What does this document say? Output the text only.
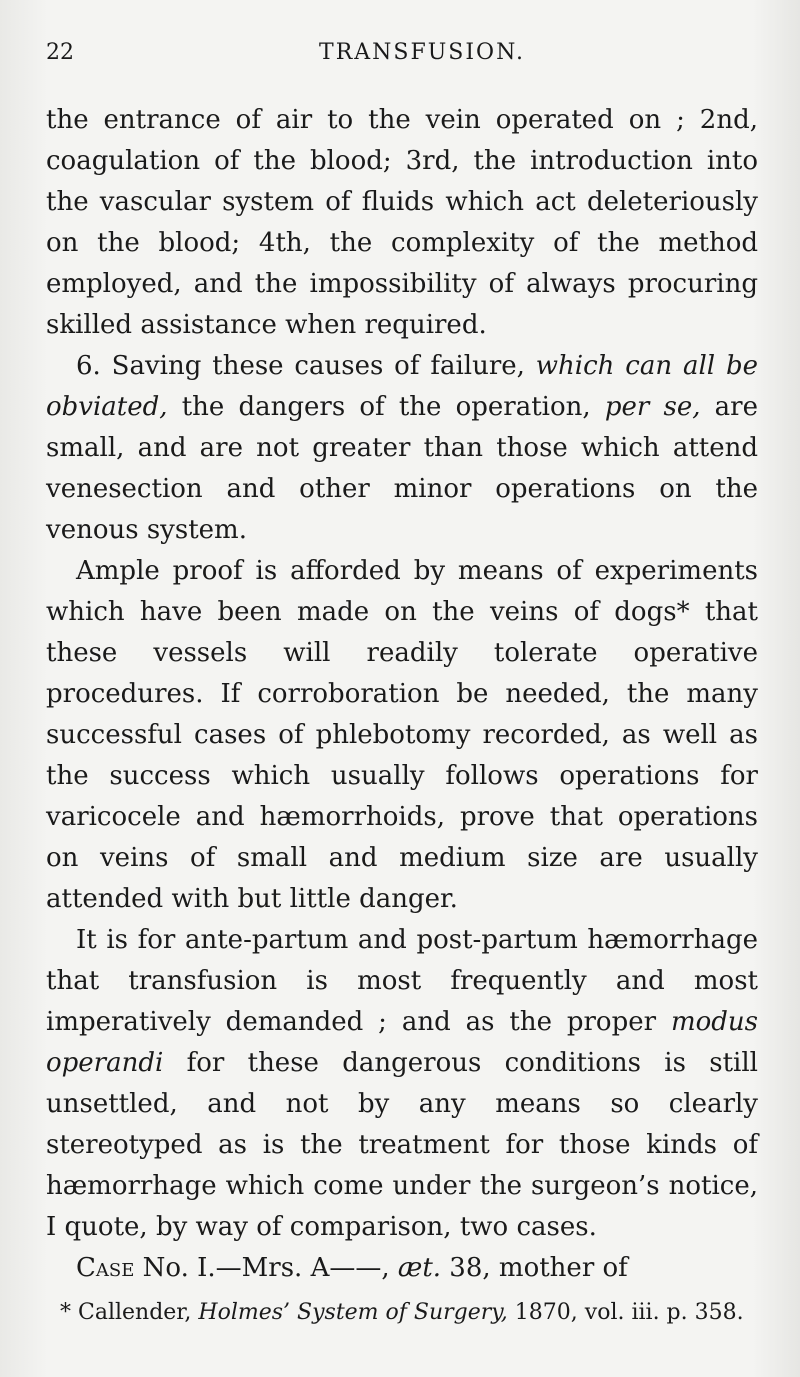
22	TRANSFUSION.

the entrance of air to the vein operated on ; 2nd, coagulation of the blood; 3rd, the introduction into the vascular system of fluids which act deleteriously on the blood; 4th, the complexity of the method employed, and the impossibility of always procuring skilled assistance when required.

6. Saving these causes of failure, which can all be obviated, the dangers of the operation, per se, are small, and are not greater than those which attend venesection and other minor operations on the venous system.

Ample proof is afforded by means of experiments which have been made on the veins of dogs* that these vessels will readily tolerate operative procedures. If corroboration be needed, the many successful cases of phlebotomy recorded, as well as the success which usually follows operations for varicocele and hæmorrhoids, prove that operations on veins of small and medium size are usually attended with but little danger.

It is for ante-partum and post-partum hæmorrhage that transfusion is most frequently and most imperatively demanded ; and as the proper modus operandi for these dangerous conditions is still unsettled, and not by any means so clearly stereotyped as is the treatment for those kinds of hæmorrhage which come under the surgeon’s notice, I quote, by way of comparison, two cases.

Case No. I.—Mrs. A——, æt. 38, mother of

* Callender, Holmes’ System of Surgery, 1870, vol. iii. p. 358.
